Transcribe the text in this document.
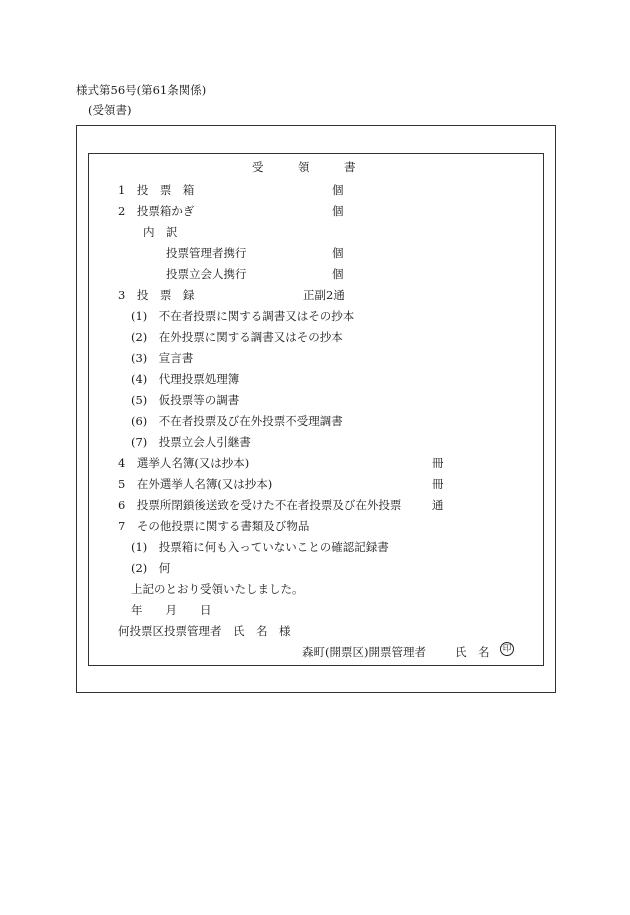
様式第56号(第61条関係)
(受領書)
受　　　領　　　書
1　投　票　箱	個
2　投票箱かぎ	個
内　訳
投票管理者携行	個
投票立会人携行	個
3　投　票　録	正副2通
(1)　不在者投票に関する調書又はその抄本
(2)　在外投票に関する調書又はその抄本
(3)　宣言書
(4)　代理投票処理簿
(5)　仮投票等の調書
(6)　不在者投票及び在外投票不受理調書
(7)　投票立会人引継書
4　選挙人名簿(又は抄本)	冊
5　在外選挙人名簿(又は抄本)	冊
6　投票所閉鎖後送致を受けた不在者投票及び在外投票	通
7　その他投票に関する書類及び物品
(1)　投票箱に何も入っていないことの確認記録書
(2)　何
上記のとおり受領いたしました。
年　　月　　日
何投票区投票管理者　氏　名　様
森町(開票区)開票管理者	氏　名	印
